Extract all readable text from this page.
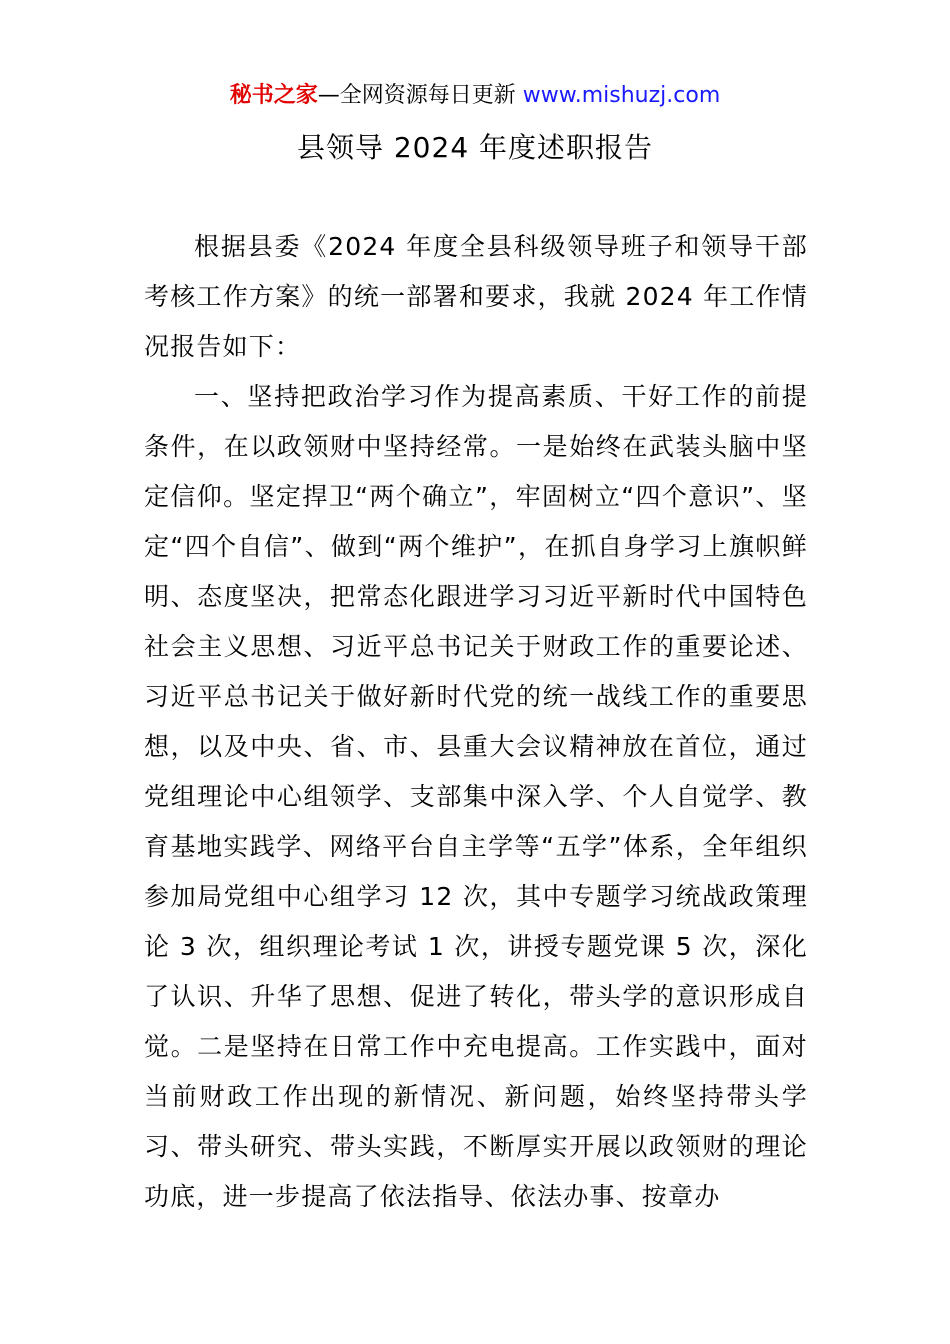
秘书之家—全网资源每日更新 www.mishuzj.com
县领导 2024 年度述职报告

根据县委《2024 年度全县科级领导班子和领导干部考核工作方案》的统一部署和要求，我就 2024 年工作情况报告如下：

一、坚持把政治学习作为提高素质、干好工作的前提条件，在以政领财中坚持经常。一是始终在武装头脑中坚定信仰。坚定捍卫“两个确立”，牢固树立“四个意识”、坚定“四个自信”、做到“两个维护”，在抓自身学习上旗帜鲜明、态度坚决，把常态化跟进学习习近平新时代中国特色社会主义思想、习近平总书记关于财政工作的重要论述、习近平总书记关于做好新时代党的统一战线工作的重要思想，以及中央、省、市、县重大会议精神放在首位，通过党组理论中心组领学、支部集中深入学、个人自觉学、教育基地实践学、网络平台自主学等“五学”体系，全年组织参加局党组中心组学习 12 次，其中专题学习统战政策理论 3 次，组织理论考试 1 次，讲授专题党课 5 次，深化了认识、升华了思想、促进了转化，带头学的意识形成自觉。二是坚持在日常工作中充电提高。工作实践中，面对当前财政工作出现的新情况、新问题，始终坚持带头学习、带头研究、带头实践，不断厚实开展以政领财的理论功底，进一步提高了依法指导、依法办事、按章办
